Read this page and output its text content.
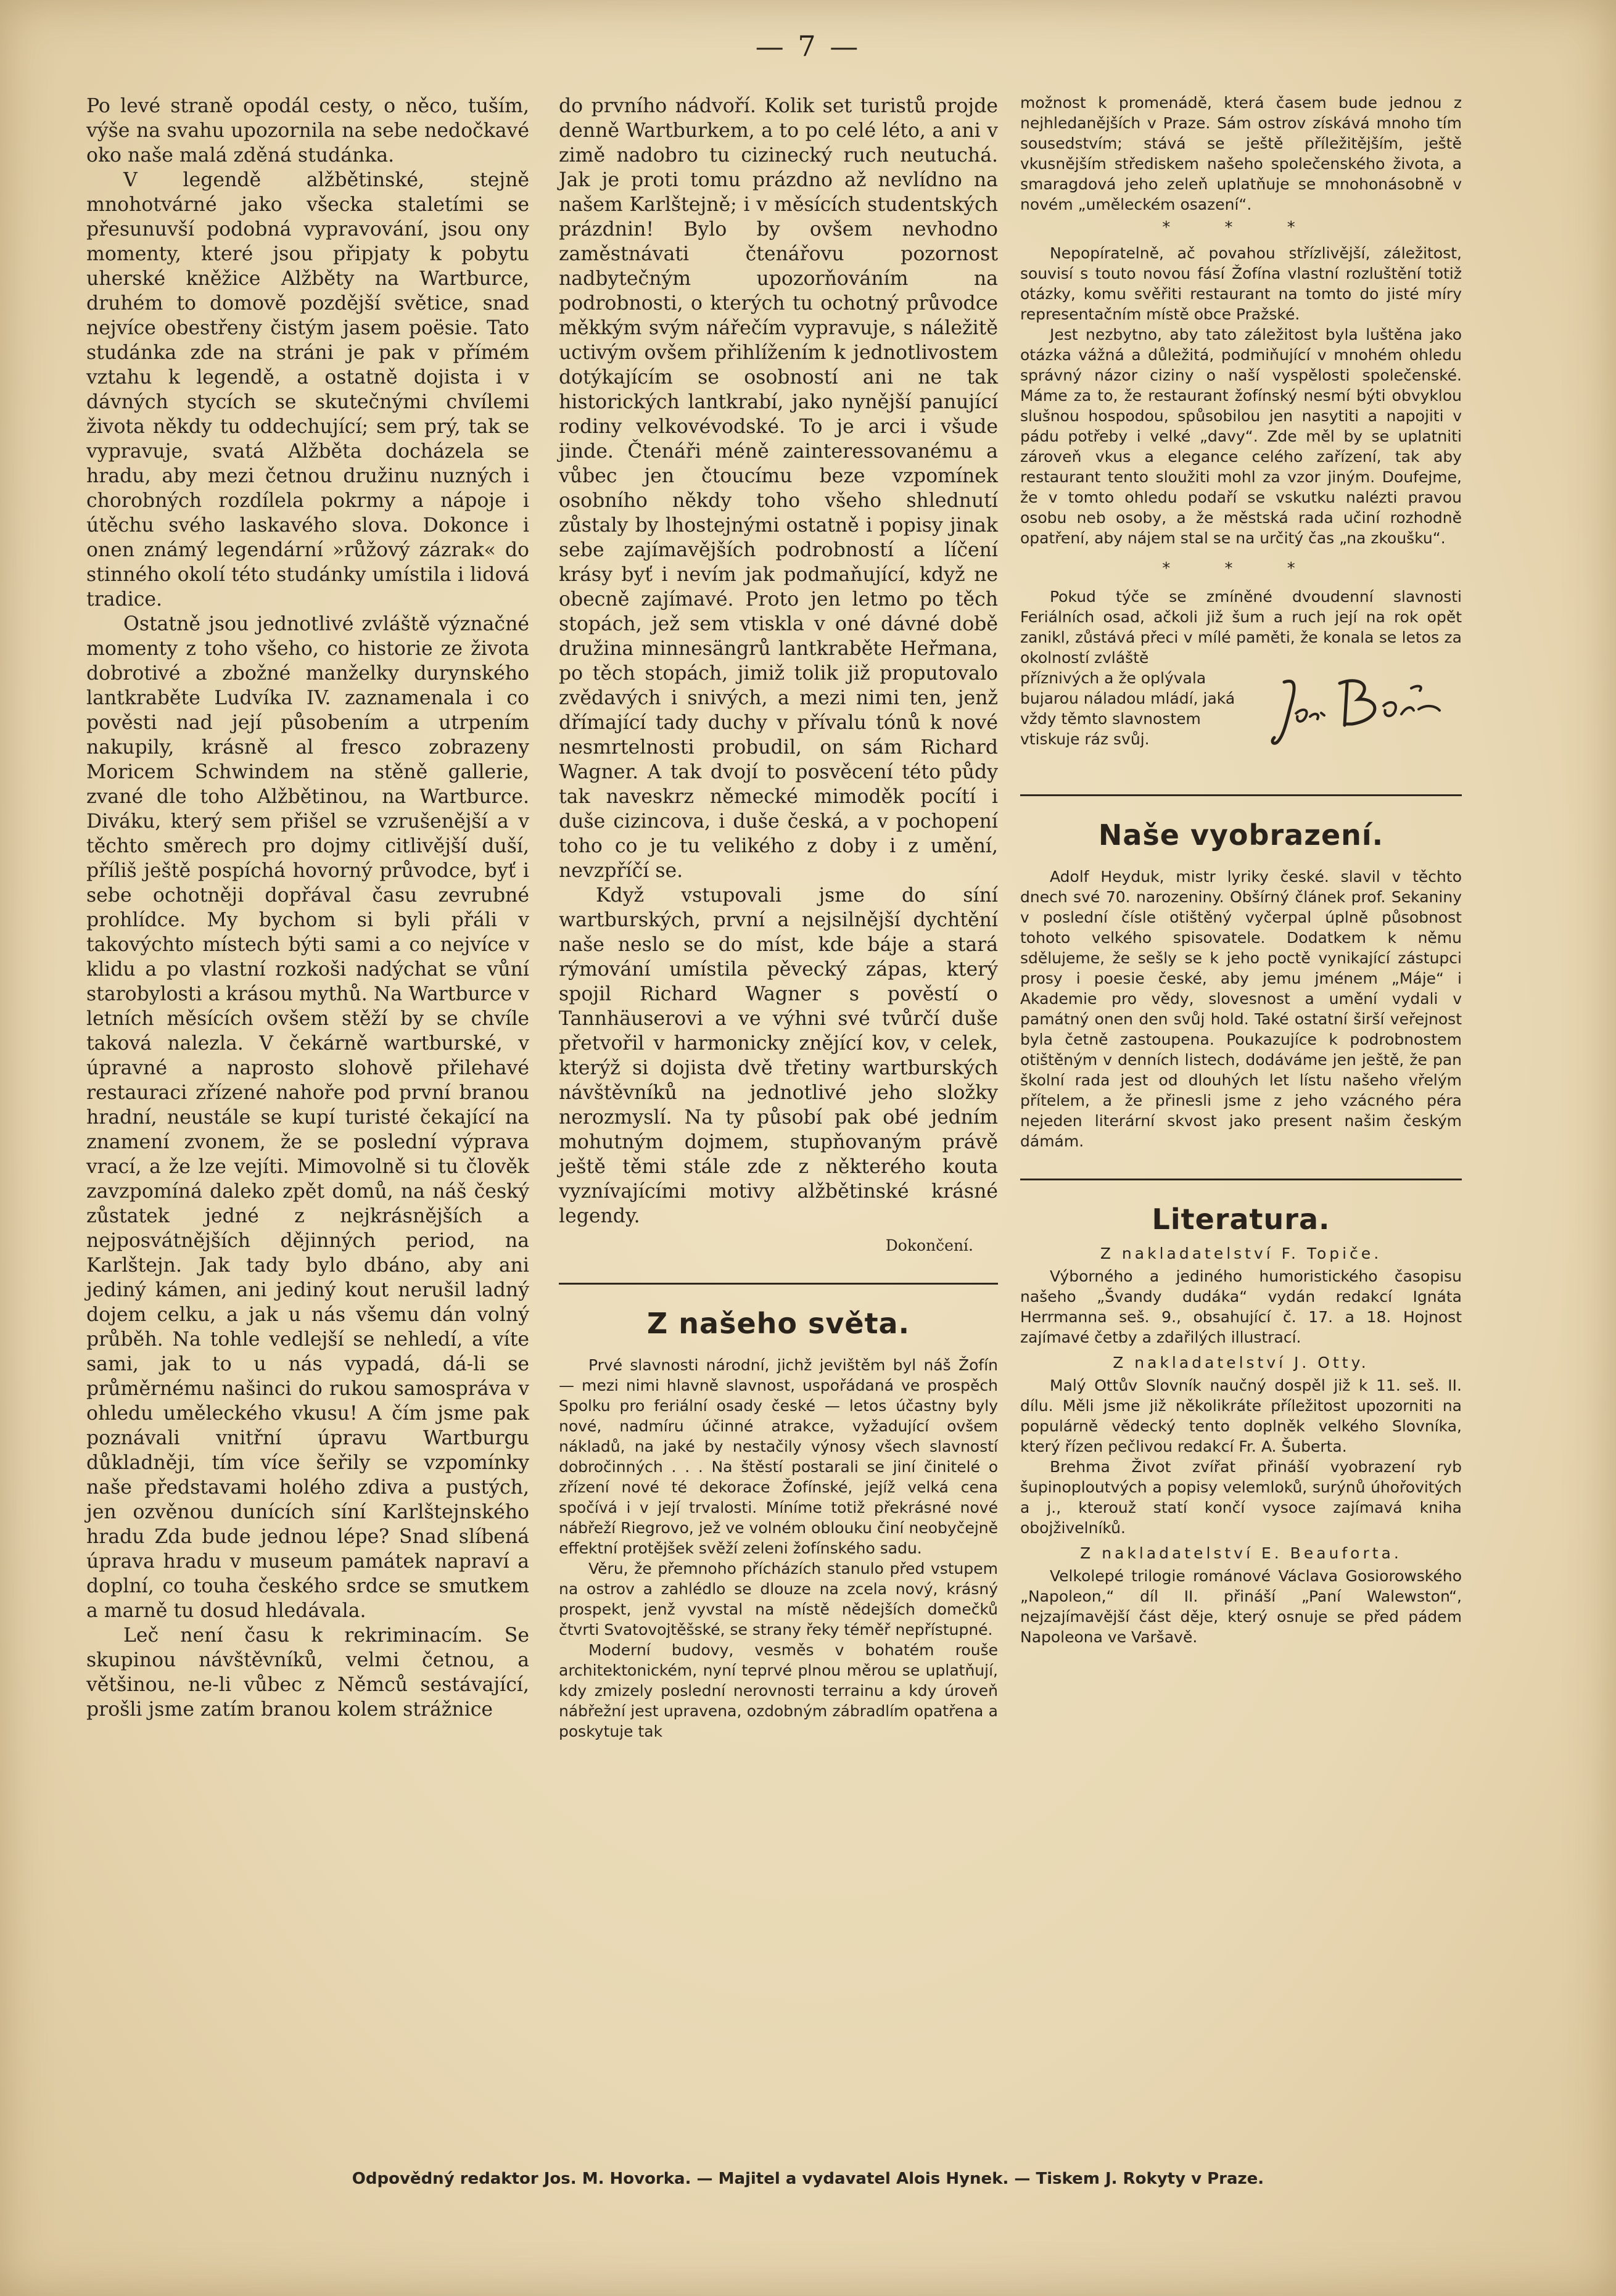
— 7 —

Po levé straně opodál cesty, o něco, tuším, výše na svahu upozornila na sebe nedočkavé oko naše malá zděná studánka.

V legendě alžbětinské, stejně mnohotvárné jako všecka staletími se přesunuvší podobná vypravování, jsou ony momenty, které jsou připjaty k pobytu uherské kněžice Alžběty na Wartburce, druhém to domově pozdější světice, snad nejvíce obestřeny čistým jasem poësie. Tato studánka zde na stráni je pak v přímém vztahu k legendě, a ostatně dojista i v dávných stycích se skutečnými chvílemi života někdy tu oddechující; sem prý, tak se vypravuje, svatá Alžběta docházela se hradu, aby mezi četnou družinu nuzných i chorobných rozdílela pokrmy a nápoje i útěchu svého laskavého slova. Dokonce i onen známý legendární »růžový zázrak« do stinného okolí této studánky umístila i lidová tradice.

Ostatně jsou jednotlivé zvláště význačné momenty z toho všeho, co historie ze života dobrotivé a zbožné manželky durynského lantkraběte Ludvíka IV. zaznamenala i co pověsti nad její působením a utrpením nakupily, krásně al fresco zobrazeny Moricem Schwindem na stěně gallerie, zvané dle toho Alžbětinou, na Wartburce. Diváku, který sem přišel se vzrušenější a v těchto směrech pro dojmy citlivější duší, příliš ještě pospíchá hovorný průvodce, byť i sebe ochotněji dopřával času zevrubné prohlídce. My bychom si byli přáli v takovýchto místech býti sami a co nejvíce v klidu a po vlastní rozkoši nadýchat se vůní starobylosti a krásou mythů. Na Wartburce v letních měsících ovšem stěží by se chvíle taková nalezla. V čekárně wartburské, v úpravné a naprosto slohově přilehavé restauraci zřízené nahoře pod první branou hradní, neustále se kupí turisté čekající na znamení zvonem, že se poslední výprava vrací, a že lze vejíti. Mimovolně si tu člověk zavzpomíná daleko zpět domů, na náš český zůstatek jedné z nejkrásnějších a nejposvátnějších dějinných period, na Karlštejn. Jak tady bylo dbáno, aby ani jediný kámen, ani jediný kout nerušil ladný dojem celku, a jak u nás všemu dán volný průběh. Na tohle vedlejší se nehledí, a víte sami, jak to u nás vypadá, dá-li se průměrnému našinci do rukou samospráva v ohledu uměleckého vkusu! A čím jsme pak poznávali vnitřní úpravu Wartburgu důkladněji, tím více šeřily se vzpomínky naše představami holého zdiva a pustých, jen ozvěnou dunících síní Karlštejnského hradu Zda bude jednou lépe? Snad slíbená úprava hradu v museum památek napraví a doplní, co touha českého srdce se smutkem a marně tu dosud hledávala.

Leč není času k rekriminacím. Se skupinou návštěvníků, velmi četnou, a většinou, ne-li vůbec z Němců sestávající, prošli jsme zatím branou kolem strážnice

do prvního nádvoří. Kolik set turistů projde denně Wartburkem, a to po celé léto, a ani v zimě nadobro tu cizinecký ruch neutuchá. Jak je proti tomu prázdno až nevlídno na našem Karlštejně; i v měsících studentských prázdnin! Bylo by ovšem nevhodno zaměstnávati čtenářovu pozornost nadbytečným upozorňováním na podrobnosti, o kterých tu ochotný průvodce měkkým svým nářečím vypravuje, s náležitě uctivým ovšem přihlížením k jednotlivostem dotýkajícím se osobností ani ne tak historických lantkrabí, jako nynější panující rodiny velkovévodské. To je arci i všude jinde. Čtenáři méně zainteressovanému a vůbec jen čtoucímu beze vzpomínek osobního někdy toho všeho shlednutí zůstaly by lhostejnými ostatně i popisy jinak sebe zajímavějších podrobností a líčení krásy byť i nevím jak podmaňující, když ne obecně zajímavé. Proto jen letmo po těch stopách, jež sem vtiskla v oné dávné době družina minnesängrů lantkraběte Heřmana, po těch stopách, jimiž tolik již proputovalo zvědavých i snivých, a mezi nimi ten, jenž dřímající tady duchy v přívalu tónů k nové nesmrtelnosti probudil, on sám Richard Wagner. A tak dvojí to posvěcení této půdy tak naveskrz německé mimoděk pocítí i duše cizincova, i duše česká, a v pochopení toho co je tu velikého z doby i z umění, nevzpříčí se.

Když vstupovali jsme do síní wartburských, první a nejsilnější dychtění naše neslo se do míst, kde báje a stará rýmování umístila pěvecký zápas, který spojil Richard Wagner s pověstí o Tannhäuserovi a ve výhni své tvůrčí duše přetvořil v harmonicky znějící kov, v celek, kterýž si dojista dvě třetiny wartburských návštěvníků na jednotlivé jeho složky nerozmyslí. Na ty působí pak obé jedním mohutným dojmem, stupňovaným právě ještě těmi stále zde z některého kouta vyznívajícími motivy alžbětinské krásné legendy.

Dokončení.

Z našeho světa.

Prvé slavnosti národní, jichž jevištěm byl náš Žofín — mezi nimi hlavně slavnost, uspořádaná ve prospěch Spolku pro feriální osady české — letos účastny byly nové, nadmíru účinné atrakce, vyžadující ovšem nákladů, na jaké by nestačily výnosy všech slavností dobročinných . . . Na štěstí postarali se jiní činitelé o zřízení nové té dekorace Žofínské, jejíž velká cena spočívá i v její trvalosti. Míníme totiž překrásné nové nábřeží Riegrovo, jež ve volném oblouku činí neobyčejně effektní protějšek svěží zeleni žofínského sadu.

Věru, že přemnoho přícházích stanulo před vstupem na ostrov a zahlédlo se dlouze na zcela nový, krásný prospekt, jenž vyvstal na místě nědejších domečků čtvrti Svatovojtěšské, se strany řeky téměř nepřístupné.

Moderní budovy, vesměs v bohatém rouše architektonickém, nyní teprvé plnou měrou se uplatňují, kdy zmizely poslední nerovnosti terrainu a kdy úroveň nábřežní jest upravena, ozdobným zábradlím opatřena a poskytuje tak

možnost k promenádě, která časem bude jednou z nejhledanějších v Praze. Sám ostrov získává mnoho tím sousedstvím; stává se ještě příležitějším, ještě vkusnějším střediskem našeho společenského života, a smaragdová jeho zeleň uplatňuje se mnohonásobně v novém „uměleckém osazení“.

* * *

Nepopíratelně, ač povahou střízlivější, záležitost, souvisí s touto novou fásí Žofína vlastní rozluštění totiž otázky, komu svěřiti restaurant na tomto do jisté míry representačním místě obce Pražské.

Jest nezbytno, aby tato záležitost byla luštěna jako otázka vážná a důležitá, podmiňující v mnohém ohledu správný názor ciziny o naší vyspělosti společenské. Máme za to, že restaurant žofínský nesmí býti obvyklou slušnou hospodou, spůsobilou jen nasytiti a napojiti v pádu potřeby i velké „davy“. Zde měl by se uplatniti zároveň vkus a elegance celého zařízení, tak aby restaurant tento sloužiti mohl za vzor jiným. Doufejme, že v tomto ohledu podaří se vskutku nalézti pravou osobu neb osoby, a že městská rada učiní rozhodně opatření, aby nájem stal se na určitý čas „na zkoušku“.

* * *

Pokud týče se zmíněné dvoudenní slavnosti Feriálních osad, ačkoli již šum a ruch její na rok opět zanikl, zůstává přeci v mílé paměti, že konala se letos za okolností zvláště

příznivých a že oplývala bujarou náladou mládí, jaká vždy těmto slavnostem vtiskuje ráz svůj.

Naše vyobrazení.

Adolf Heyduk, mistr lyriky české. slavil v těchto dnech své 70. narozeniny. Obšírný článek prof. Sekaniny v poslední čísle otištěný vyčerpal úplně působnost tohoto velkého spisovatele. Dodatkem k němu sdělujeme, že sešly se k jeho poctě vynikající zástupci prosy i poesie české, aby jemu jménem „Máje“ i Akademie pro vědy, slovesnost a umění vydali v památný onen den svůj hold. Také ostatní širší veřejnost byla četně zastoupena. Poukazujíce k podrobnostem otištěným v denních listech, dodáváme jen ještě, že pan školní rada jest od dlouhých let lístu našeho vřelým přítelem, a že přinesli jsme z jeho vzácného péra nejeden literární skvost jako present našim českým dámám.

Literatura.
Z nakladatelství F. Topiče.

Výborného a jediného humoristického časopisu našeho „Švandy dudáka“ vydán redakcí Ignáta Herrmanna seš. 9., obsahující č. 17. a 18. Hojnost zajímavé četby a zdařilých illustrací.

Z nakladatelství J. Otty.

Malý Ottův Slovník naučný dospěl již k 11. seš. II. dílu. Měli jsme již několikráte příležitost upozorniti na populárně vědecký tento doplněk velkého Slovníka, který řízen pečlivou redakcí Fr. A. Šuberta.

Brehma Život zvířat přináší vyobrazení ryb šupinoploutvých a popisy velemloků, surýnů úhořovitých a j., kterouž statí končí vysoce zajímavá kniha obojživelníků.

Z nakladatelství E. Beauforta.

Velkolepé trilogie románové Václava Gosiorowského „Napoleon,“ díl II. přináší „Paní Walewston“, nejzajímavější část děje, který osnuje se před pádem Napoleona ve Varšavě.

Odpovědný redaktor Jos. M. Hovorka. — Majitel a vydavatel Alois Hynek. — Tiskem J. Rokyty v Praze.
